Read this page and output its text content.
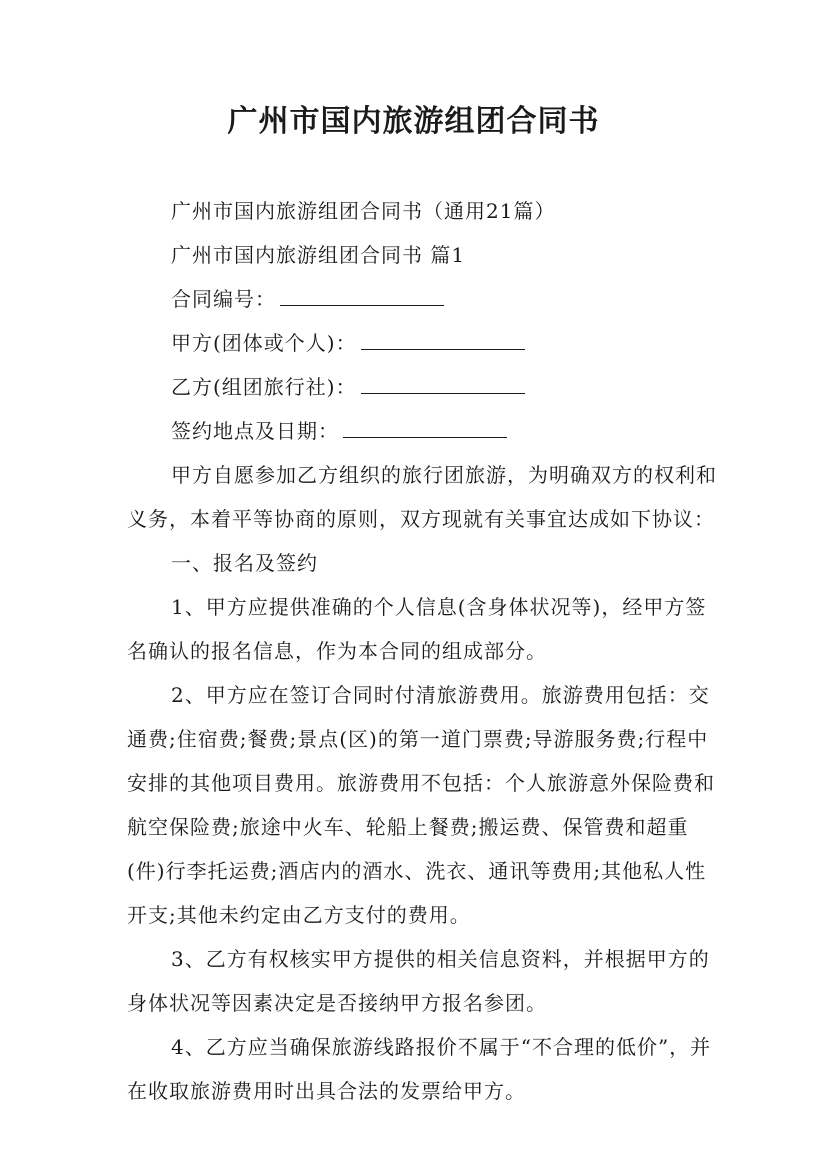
广州市国内旅游组团合同书

广州市国内旅游组团合同书（通用21篇）

广州市国内旅游组团合同书 篇1

合同编号：

甲方(团体或个人)：

乙方(组团旅行社)：

签约地点及日期：

甲方自愿参加乙方组织的旅行团旅游，为明确双方的权利和义务，本着平等协商的原则，双方现就有关事宜达成如下协议：

一、报名及签约

1、甲方应提供准确的个人信息(含身体状况等)，经甲方签名确认的报名信息，作为本合同的组成部分。

2、甲方应在签订合同时付清旅游费用。旅游费用包括：交通费;住宿费;餐费;景点(区)的第一道门票费;导游服务费;行程中安排的其他项目费用。旅游费用不包括：个人旅游意外保险费和航空保险费;旅途中火车、轮船上餐费;搬运费、保管费和超重(件)行李托运费;酒店内的酒水、洗衣、通讯等费用;其他私人性开支;其他未约定由乙方支付的费用。

3、乙方有权核实甲方提供的相关信息资料，并根据甲方的身体状况等因素决定是否接纳甲方报名参团。

4、乙方应当确保旅游线路报价不属于“不合理的低价”，并在收取旅游费用时出具合法的发票给甲方。
